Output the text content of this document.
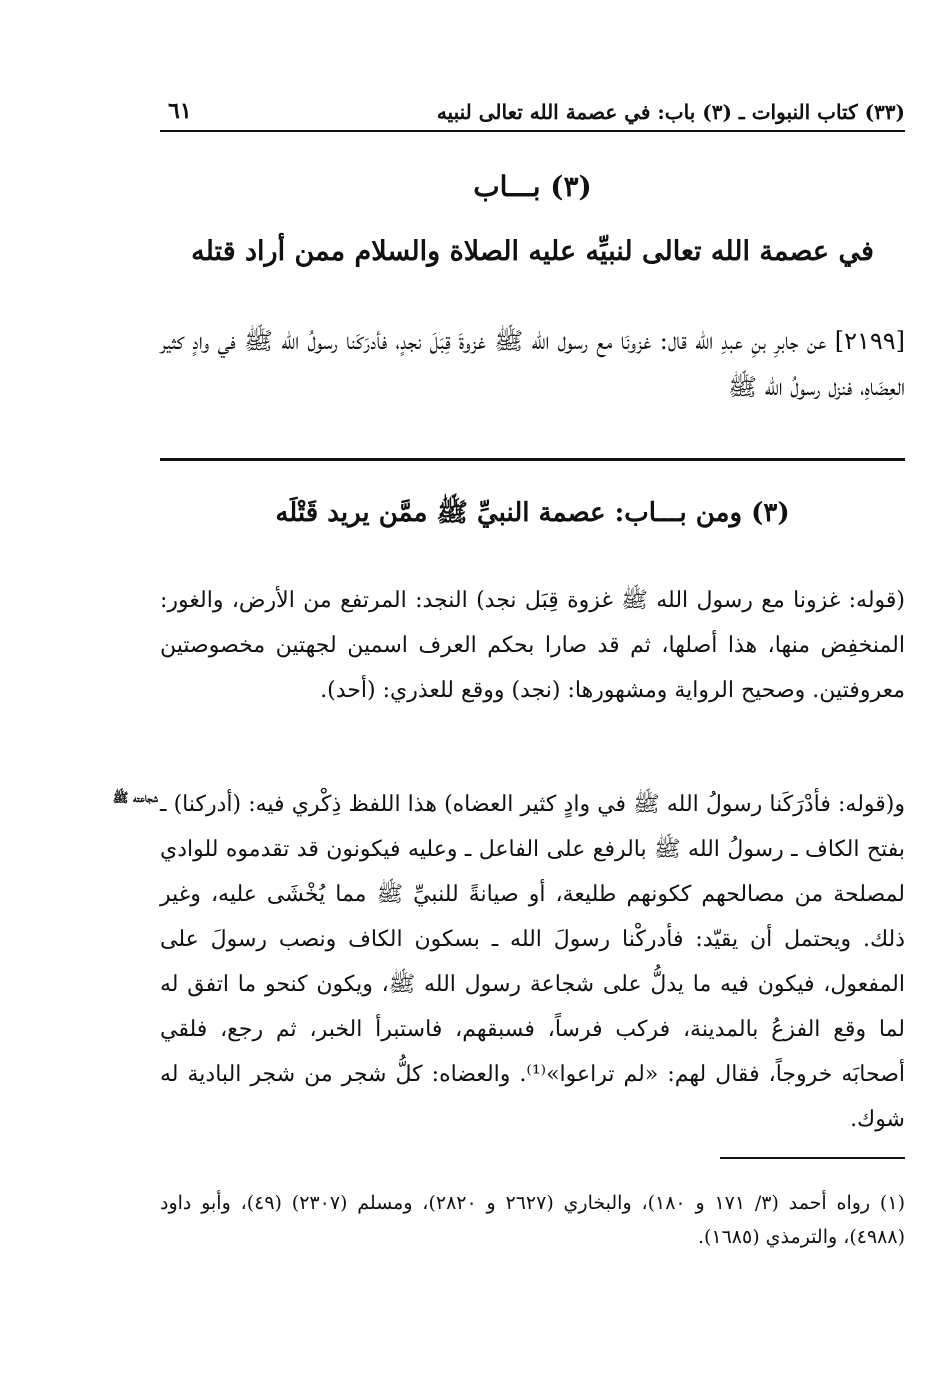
(٣٣) كتاب النبوات ـ (٣) باب: في عصمة الله تعالى لنبيه
٦١
(٣) بـــاب
في عصمة الله تعالى لنبيِّه عليه الصلاة والسلام ممن أراد قتله
[٢١٩٩] عن جابرِ بنِ عبدِ الله قال: غزونَا مع رسول الله ﷺ غزوةَ قِبَلَ نجدٍ، فأدرَكَنا رسولُ الله ﷺ في وادٍ كثير العِضَاهِ، فنزل رسولُ الله ﷺ
(٣) ومن بـــاب: عصمة النبيِّ ﷺ ممَّن يريد قَتْلَه
(قوله: غزونا مع رسول الله ﷺ غزوة قِبَل نجد) النجد: المرتفع من الأرض، والغور: المنخفِض منها، هذا أصلها، ثم قد صارا بحكم العرف اسمين لجهتين مخصوصتين معروفتين. وصحيح الرواية ومشهورها: (نجد) ووقع للعذري: (أحد).
شجاعته ﷺ و(قوله: فأدْرَكَنا رسولُ الله ﷺ في وادٍ كثير العضاه) هذا اللفظ ذِكْري فيه: (أدركنا) ـ بفتح الكاف ـ رسولُ الله ﷺ بالرفع على الفاعل ـ وعليه فيكونون قد تقدموه للوادي لمصلحة من مصالحهم ككونهم طليعة، أو صيانةً للنبيِّ ﷺ مما يُخْشَى عليه، وغير ذلك. ويحتمل أن يقيّد: فأدركْنا رسولَ الله ـ بسكون الكاف ونصب رسولَ على المفعول، فيكون فيه ما يدلُّ على شجاعة رسول الله ﷺ، ويكون كنحو ما اتفق له لما وقع الفزعُ بالمدينة، فركب فرساً، فسبقهم، فاستبرأ الخبر، ثم رجع، فلقي أصحابَه خروجاً، فقال لهم: «لم تراعوا»⁽¹⁾. والعضاه: كلُّ شجر من شجر البادية له شوك.
(١) رواه أحمد (٣/ ١٧١ و ١٨٠)، والبخاري (٢٦٢٧ و ٢٨٢٠)، ومسلم (٢٣٠٧) (٤٩)، وأبو داود (٤٩٨٨)، والترمذي (١٦٨٥).
